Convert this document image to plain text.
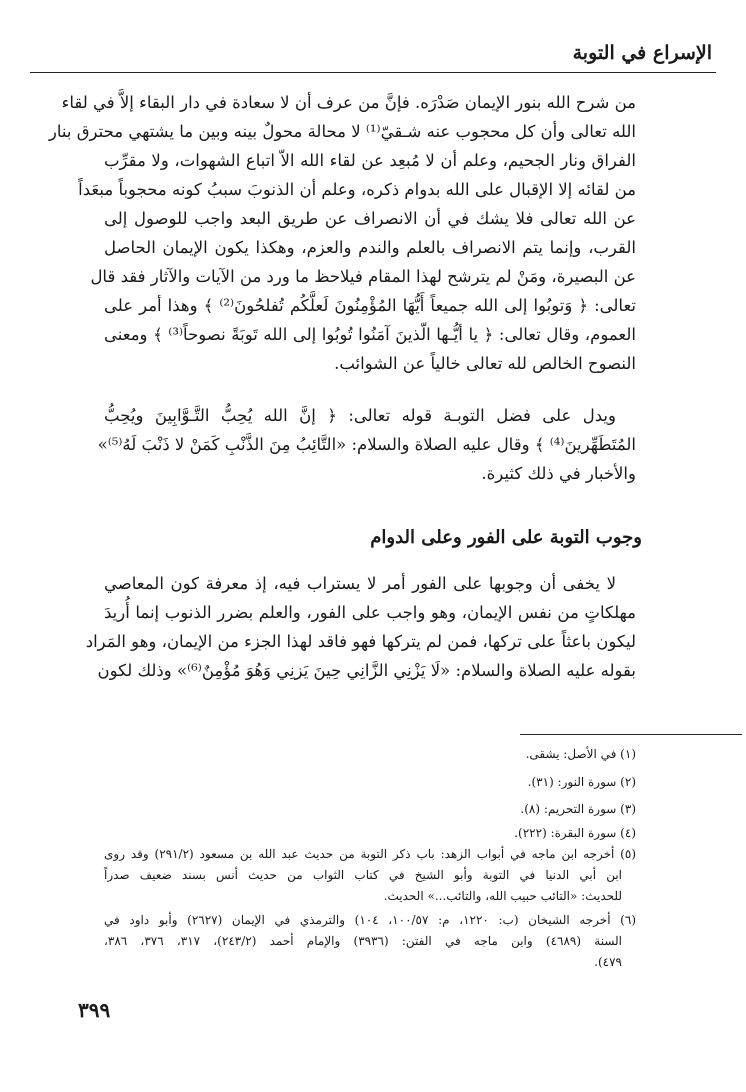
الإسراع في التوبة
من شرح الله بنور الإيمان صَدْرَه. فإنَّ من عرف أن لا سعادة في دار البقاء إلاَّ في لقاء
الله تعالى وأن كل محجوب عنه شـقيّ⁽¹⁾ لا محالة محولٌ بينه وبين ما يشتهي محترق بنار
الفراق ونار الجحيم، وعلم أن لا مُبعِد عن لقاء الله الاّ اتباع الشهوات، ولا مقرِّب
من لقائه إلا الإقبال على الله بدوام ذكره، وعلم أن الذنوبَ سببُ كونه محجوباً مبعَداً
عن الله تعالى فلا يشك في أن الانصراف عن طريق البعد واجب للوصول إلى
القرب، وإنما يتم الانصراف بالعلم والندم والعزم، وهكذا يكون الإيمان الحاصل
عن البصيرة، ومَنْ لم يترشح لهذا المقام فيلاحظ ما ورد من الآيات والآثار فقد قال
تعالى: ﴿ وَتوبُوا إلى الله جميعاً أَيُّهَا المُؤْمِنُونَ لَعلَّكُم تُفلحُونَ⁽²⁾ ﴾ وهذا أمر على
العموم، وقال تعالى: ﴿ يا أيُّـها الّذينَ آمَنُوا تُوبُوا إلى الله تَوبَةً نصوحاً⁽³⁾ ﴾ ومعنى
النصوح الخالص لله تعالى خالياً عن الشوائب.
ويدل على فضل التوبـة قوله تعالى: ﴿ إنَّ الله يُحِبُّ التَّـوَّابِينَ ويُحِبُّ
المُتَطَهِّرينَ⁽⁴⁾ ﴾ وقال عليه الصلاة والسلام: «التَّائِبُ مِنَ الذَّنْبِ كَمَنْ لا ذَنْبَ لَهُ⁽⁵⁾»
والأخبار في ذلك كثيرة.
وجوب التوبة على الفور وعلى الدوام
لا يخفى أن وجوبها على الفور أمر لا يستراب فيه، إذ معرفة كون المعاصي
مهلكاتٍ من نفس الإيمان، وهو واجب على الفور، والعلم بضرر الذنوب إنما أُريدَ
ليكون باعثاً على تركها، فمن لم يتركها فهو فاقد لهذا الجزء من الإيمان، وهو المَراد
بقوله عليه الصلاة والسلام: «لَا يَزْنِي الزَّانِي حِينَ يَزنِي وَهُوَ مُؤْمِنٌ⁽⁶⁾» وذلك لكون
(١) في الأصل: يشقى.
(٢) سورة النور: (٣١).
(٣) سورة التحريم: (٨).
(٤) سورة البقرة: (٢٢٢).
(٥) أخرجه ابن ماجه في أبواب الزهد: باب ذكر التوبة من حديث عبد الله بن مسعود (٢٩١/٢) وقد روى
ابن أبي الدنيا في التوبة وأبو الشيخ في كتاب الثواب من حديث أنس بسند ضعيف صدراً
للحديث: «التائب حبيب الله، والتائب...» الحديث.
(٦) أخرجه الشيخان (ب: ١٢٢٠، م: ١٠٠/٥٧، ١٠٤) والترمذي في الإيمان (٢٦٢٧) وأبو داود في
السنة (٤٦٨٩) وابن ماجه في الفتن: (٣٩٣٦) والإمام أحمد (٢٤٣/٢)، ٣١٧، ٣٧٦، ٣٨٦،
٤٧٩).
٣٩٩
